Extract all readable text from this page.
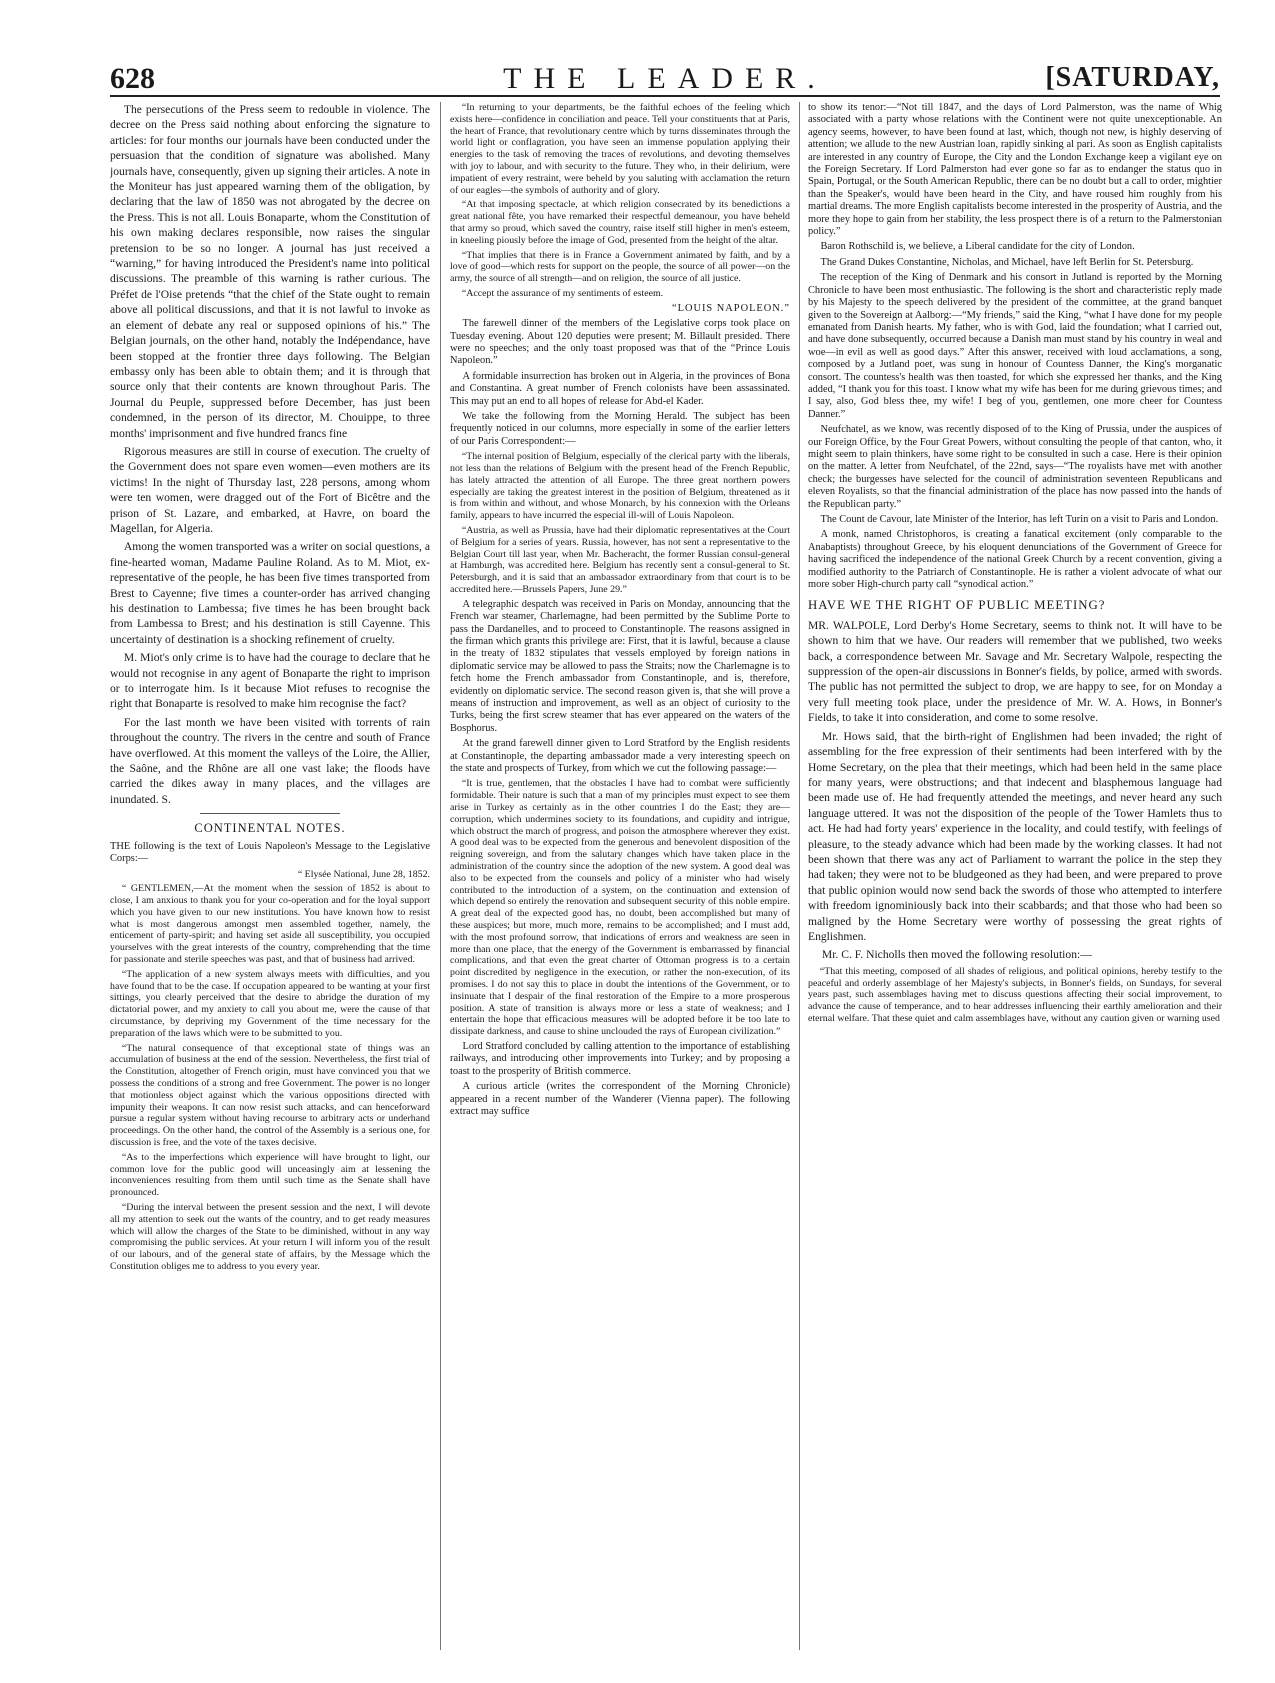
628	THE LEADER.	[SATURDAY,

The persecutions of the Press seem to redouble in violence. The decree on the Press said nothing about enforcing the signature to articles: for four months our journals have been conducted under the persuasion that the condition of signature was abolished. Many journals have, consequently, given up signing their articles. A note in the Moniteur has just appeared warning them of the obligation, by declaring that the law of 1850 was not abrogated by the decree on the Press. This is not all. Louis Bonaparte, whom the Constitution of his own making declares responsible, now raises the singular pretension to be so no longer. A journal has just received a “warning,” for having introduced the President's name into political discussions. The preamble of this warning is rather curious. The Préfet de l'Oise pretends “that the chief of the State ought to remain above all political discussions, and that it is not lawful to invoke as an element of debate any real or supposed opinions of his.” The Belgian journals, on the other hand, notably the Indépendance, have been stopped at the frontier three days following. The Belgian embassy only has been able to obtain them; and it is through that source only that their contents are known throughout Paris. The Journal du Peuple, suppressed before December, has just been condemned, in the person of its director, M. Chouippe, to three months' imprisonment and five hundred francs fine

Rigorous measures are still in course of execution. The cruelty of the Government does not spare even women—even mothers are its victims! In the night of Thursday last, 228 persons, among whom were ten women, were dragged out of the Fort of Bicêtre and the prison of St. Lazare, and embarked, at Havre, on board the Magellan, for Algeria.

Among the women transported was a writer on social questions, a fine-hearted woman, Madame Pauline Roland. As to M. Miot, ex-representative of the people, he has been five times transported from Brest to Cayenne; five times a counter-order has arrived changing his destination to Lambessa; five times he has been brought back from Lambessa to Brest; and his destination is still Cayenne. This uncertainty of destination is a shocking refinement of cruelty.

M. Miot's only crime is to have had the courage to declare that he would not recognise in any agent of Bonaparte the right to imprison or to interrogate him. Is it because Miot refuses to recognise the right that Bonaparte is resolved to make him recognise the fact?

For the last month we have been visited with torrents of rain throughout the country. The rivers in the centre and south of France have overflowed. At this moment the valleys of the Loire, the Allier, the Saône, and the Rhône are all one vast lake; the floods have carried the dikes away in many places, and the villages are inundated. S.

CONTINENTAL NOTES.

THE following is the text of Louis Napoleon's Message to the Legislative Corps:—

“ Elysée National, June 28, 1852.

“ GENTLEMEN,—At the moment when the session of 1852 is about to close, I am anxious to thank you for your co-operation and for the loyal support which you have given to our new institutions. You have known how to resist what is most dangerous amongst men assembled together, namely, the enticement of party-spirit; and having set aside all susceptibility, you occupied yourselves with the great interests of the country, comprehending that the time for passionate and sterile speeches was past, and that of business had arrived.

“The application of a new system always meets with difficulties, and you have found that to be the case. If occupation appeared to be wanting at your first sittings, you clearly perceived that the desire to abridge the duration of my dictatorial power, and my anxiety to call you about me, were the cause of that circumstance, by depriving my Government of the time necessary for the preparation of the laws which were to be submitted to you.

“The natural consequence of that exceptional state of things was an accumulation of business at the end of the session. Nevertheless, the first trial of the Constitution, altogether of French origin, must have convinced you that we possess the conditions of a strong and free Government. The power is no longer that motionless object against which the various oppositions directed with impunity their weapons. It can now resist such attacks, and can henceforward pursue a regular system without having recourse to arbitrary acts or underhand proceedings. On the other hand, the control of the Assembly is a serious one, for discussion is free, and the vote of the taxes decisive.

“As to the imperfections which experience will have brought to light, our common love for the public good will unceasingly aim at lessening the inconveniences resulting from them until such time as the Senate shall have pronounced.

“During the interval between the present session and the next, I will devote all my attention to seek out the wants of the country, and to get ready measures which will allow the charges of the State to be diminished, without in any way compromising the public services. At your return I will inform you of the result of our labours, and of the general state of affairs, by the Message which the Constitution obliges me to address to you every year.

“In returning to your departments, be the faithful echoes of the feeling which exists here—confidence in conciliation and peace. Tell your constituents that at Paris, the heart of France, that revolutionary centre which by turns disseminates through the world light or conflagration, you have seen an immense population applying their energies to the task of removing the traces of revolutions, and devoting themselves with joy to labour, and with security to the future. They who, in their delirium, were impatient of every restraint, were beheld by you saluting with acclamation the return of our eagles—the symbols of authority and of glory.

“At that imposing spectacle, at which religion consecrated by its benedictions a great national fête, you have remarked their respectful demeanour, you have beheld that army so proud, which saved the country, raise itself still higher in men's esteem, in kneeling piously before the image of God, presented from the height of the altar.

“That implies that there is in France a Government animated by faith, and by a love of good—which rests for support on the people, the source of all power—on the army, the source of all strength—and on religion, the source of all justice.

“Accept the assurance of my sentiments of esteem.

“LOUIS NAPOLEON.”

The farewell dinner of the members of the Legislative corps took place on Tuesday evening. About 120 deputies were present; M. Billault presided. There were no speeches; and the only toast proposed was that of the “Prince Louis Napoleon.”

A formidable insurrection has broken out in Algeria, in the provinces of Bona and Constantina. A great number of French colonists have been assassinated. This may put an end to all hopes of release for Abd-el Kader.

We take the following from the Morning Herald. The subject has been frequently noticed in our columns, more especially in some of the earlier letters of our Paris Correspondent:—

“The internal position of Belgium, especially of the clerical party with the liberals, not less than the relations of Belgium with the present head of the French Republic, has lately attracted the attention of all Europe. The three great northern powers especially are taking the greatest interest in the position of Belgium, threatened as it is from within and without, and whose Monarch, by his connexion with the Orleans family, appears to have incurred the especial ill-will of Louis Napoleon.

“Austria, as well as Prussia, have had their diplomatic representatives at the Court of Belgium for a series of years. Russia, however, has not sent a representative to the Belgian Court till last year, when Mr. Bacheracht, the former Russian consul-general at Hamburgh, was accredited here. Belgium has recently sent a consul-general to St. Petersburgh, and it is said that an ambassador extraordinary from that court is to be accredited here.—Brussels Papers, June 29.”

A telegraphic despatch was received in Paris on Monday, announcing that the French war steamer, Charlemagne, had been permitted by the Sublime Porte to pass the Dardanelles, and to proceed to Constantinople. The reasons assigned in the firman which grants this privilege are: First, that it is lawful, because a clause in the treaty of 1832 stipulates that vessels employed by foreign nations in diplomatic service may be allowed to pass the Straits; now the Charlemagne is to fetch home the French ambassador from Constantinople, and is, therefore, evidently on diplomatic service. The second reason given is, that she will prove a means of instruction and improvement, as well as an object of curiosity to the Turks, being the first screw steamer that has ever appeared on the waters of the Bosphorus.

At the grand farewell dinner given to Lord Stratford by the English residents at Constantinople, the departing ambassador made a very interesting speech on the state and prospects of Turkey, from which we cut the following passage:—

“It is true, gentlemen, that the obstacles I have had to combat were sufficiently formidable. Their nature is such that a man of my principles must expect to see them arise in Turkey as certainly as in the other countries I do the East; they are—corruption, which undermines society to its foundations, and cupidity and intrigue, which obstruct the march of progress, and poison the atmosphere wherever they exist. A good deal was to be expected from the generous and benevolent disposition of the reigning sovereign, and from the salutary changes which have taken place in the administration of the country since the adoption of the new system. A good deal was also to be expected from the counsels and policy of a minister who had wisely contributed to the introduction of a system, on the continuation and extension of which depend so entirely the renovation and subsequent security of this noble empire. A great deal of the expected good has, no doubt, been accomplished but many of these auspices; but more, much more, remains to be accomplished; and I must add, with the most profound sorrow, that indications of errors and weakness are seen in more than one place, that the energy of the Government is embarrassed by financial complications, and that even the great charter of Ottoman progress is to a certain point discredited by negligence in the execution, or rather the non-execution, of its promises. I do not say this to place in doubt the intentions of the Government, or to insinuate that I despair of the final restoration of the Empire to a more prosperous position. A state of transition is always more or less a state of weakness; and I entertain the hope that efficacious measures will be adopted before it be too late to dissipate darkness, and cause to shine unclouded the rays of European civilization.”

Lord Stratford concluded by calling attention to the importance of establishing railways, and introducing other improvements into Turkey; and by proposing a toast to the prosperity of British commerce.

A curious article (writes the correspondent of the Morning Chronicle) appeared in a recent number of the Wanderer (Vienna paper). The following extract may suffice

to show its tenor:—“Not till 1847, and the days of Lord Palmerston, was the name of Whig associated with a party whose relations with the Continent were not quite unexceptionable. An agency seems, however, to have been found at last, which, though not new, is highly deserving of attention; we allude to the new Austrian loan, rapidly sinking al pari. As soon as English capitalists are interested in any country of Europe, the City and the London Exchange keep a vigilant eye on the Foreign Secretary. If Lord Palmerston had ever gone so far as to endanger the status quo in Spain, Portugal, or the South American Republic, there can be no doubt but a call to order, mightier than the Speaker's, would have been heard in the City, and have roused him roughly from his martial dreams. The more English capitalists become interested in the prosperity of Austria, and the more they hope to gain from her stability, the less prospect there is of a return to the Palmerstonian policy.”

Baron Rothschild is, we believe, a Liberal candidate for the city of London.

The Grand Dukes Constantine, Nicholas, and Michael, have left Berlin for St. Petersburg.

The reception of the King of Denmark and his consort in Jutland is reported by the Morning Chronicle to have been most enthusiastic. The following is the short and characteristic reply made by his Majesty to the speech delivered by the president of the committee, at the grand banquet given to the Sovereign at Aalborg:—“My friends,” said the King, “what I have done for my people emanated from Danish hearts. My father, who is with God, laid the foundation; what I carried out, and have done subsequently, occurred because a Danish man must stand by his country in weal and woe—in evil as well as good days.” After this answer, received with loud acclamations, a song, composed by a Jutland poet, was sung in honour of Countess Danner, the King's morganatic consort. The countess's health was then toasted, for which she expressed her thanks, and the King added, “I thank you for this toast. I know what my wife has been for me during grievous times; and I say, also, God bless thee, my wife! I beg of you, gentlemen, one more cheer for Countess Danner.”

Neufchatel, as we know, was recently disposed of to the King of Prussia, under the auspices of our Foreign Office, by the Four Great Powers, without consulting the people of that canton, who, it might seem to plain thinkers, have some right to be consulted in such a case. Here is their opinion on the matter. A letter from Neufchatel, of the 22nd, says—“The royalists have met with another check; the burgesses have selected for the council of administration seventeen Republicans and eleven Royalists, so that the financial administration of the place has now passed into the hands of the Republican party.”

The Count de Cavour, late Minister of the Interior, has left Turin on a visit to Paris and London.

A monk, named Christophoros, is creating a fanatical excitement (only comparable to the Anabaptists) throughout Greece, by his eloquent denunciations of the Government of Greece for having sacrificed the independence of the national Greek Church by a recent convention, giving a modified authority to the Patriarch of Constantinople. He is rather a violent advocate of what our more sober High-church party call “synodical action.”

HAVE WE THE RIGHT OF PUBLIC MEETING?

MR. WALPOLE, Lord Derby's Home Secretary, seems to think not. It will have to be shown to him that we have. Our readers will remember that we published, two weeks back, a correspondence between Mr. Savage and Mr. Secretary Walpole, respecting the suppression of the open-air discussions in Bonner's fields, by police, armed with swords. The public has not permitted the subject to drop, we are happy to see, for on Monday a very full meeting took place, under the presidence of Mr. W. A. Hows, in Bonner's Fields, to take it into consideration, and come to some resolve.

Mr. Hows said, that the birth-right of Englishmen had been invaded; the right of assembling for the free expression of their sentiments had been interfered with by the Home Secretary, on the plea that their meetings, which had been held in the same place for many years, were obstructions; and that indecent and blasphemous language had been made use of. He had frequently attended the meetings, and never heard any such language uttered. It was not the disposition of the people of the Tower Hamlets thus to act. He had had forty years' experience in the locality, and could testify, with feelings of pleasure, to the steady advance which had been made by the working classes. It had not been shown that there was any act of Parliament to warrant the police in the step they had taken; they were not to be bludgeoned as they had been, and were prepared to prove that public opinion would now send back the swords of those who attempted to interfere with freedom ignominiously back into their scabbards; and that those who had been so maligned by the Home Secretary were worthy of possessing the great rights of Englishmen.

Mr. C. F. Nicholls then moved the following resolution:—

“That this meeting, composed of all shades of religious, and political opinions, hereby testify to the peaceful and orderly assemblage of her Majesty's subjects, in Bonner's fields, on Sundays, for several years past, such assemblages having met to discuss questions affecting their social improvement, to advance the cause of temperance, and to hear addresses influencing their earthly amelioration and their eternal welfare. That these quiet and calm assemblages have, without any caution given or warning used
